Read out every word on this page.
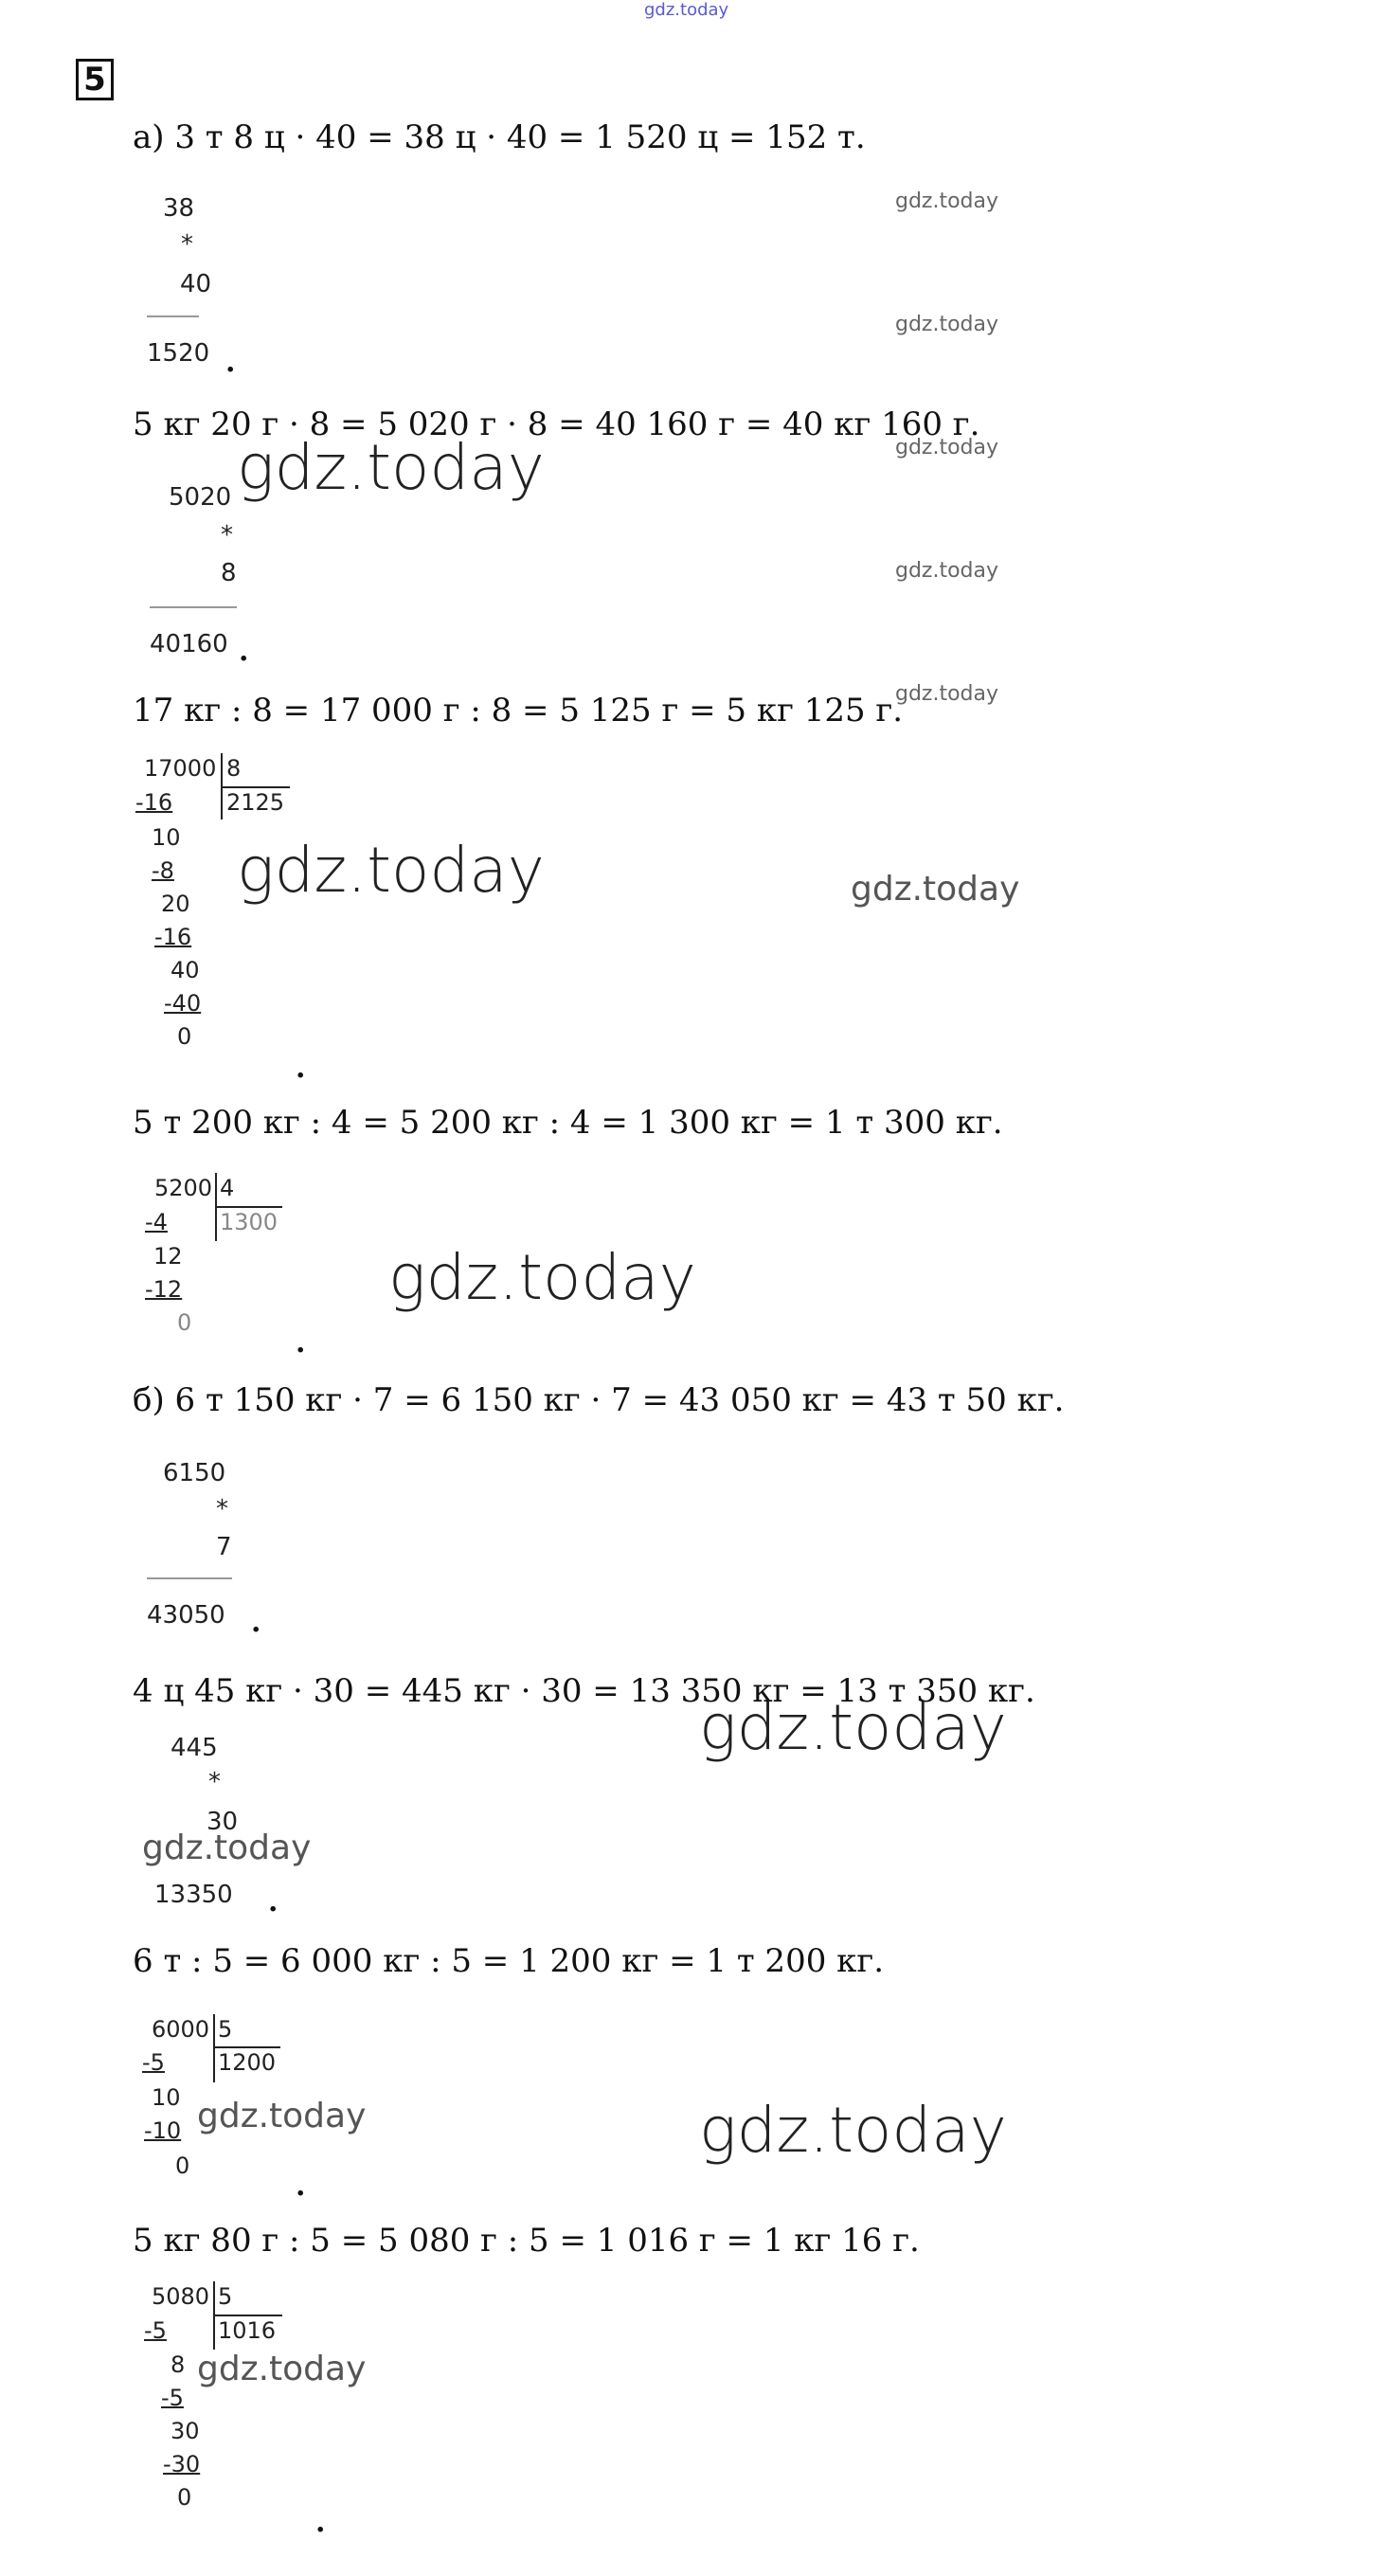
gdz.today
5
а) 3 т 8 ц · 40 = 38 ц · 40 = 1 520 ц = 152 т.
38
*
40
1520 .
5 кг 20 г · 8 = 5 020 г · 8 = 40 160 г = 40 кг 160 г.
5020
*
8
40160 .
17 кг : 8 = 17 000 г : 8 = 5 125 г = 5 кг 125 г.
17000 8
2125
-16
10
-8
20
-16
40
-40
0
.
5 т 200 кг : 4 = 5 200 кг : 4 = 1 300 кг = 1 т 300 кг.
5200 4
1300
-4
12
-12
0
.
б) 6 т 150 кг · 7 = 6 150 кг · 7 = 43 050 кг = 43 т 50 кг.
6150
*
7
43050 .
4 ц 45 кг · 30 = 445 кг · 30 = 13 350 кг = 13 т 350 кг.
445
*
30
13350 .
6 т : 5 = 6 000 кг : 5 = 1 200 кг = 1 т 200 кг.
6000 5
1200
-5
10
-10
0
.
5 кг 80 г : 5 = 5 080 г : 5 = 1 016 г = 1 кг 16 г.
5080 5
1016
-5
8
-5
30
-30
0
.
gdz.today
gdz.today
gdz.today
gdz.today
gdz.today
gdz.today
gdz.today	gdz.today
gdz.today
gdz.today
gdz.today
gdz.today	gdz.today
gdz.today
